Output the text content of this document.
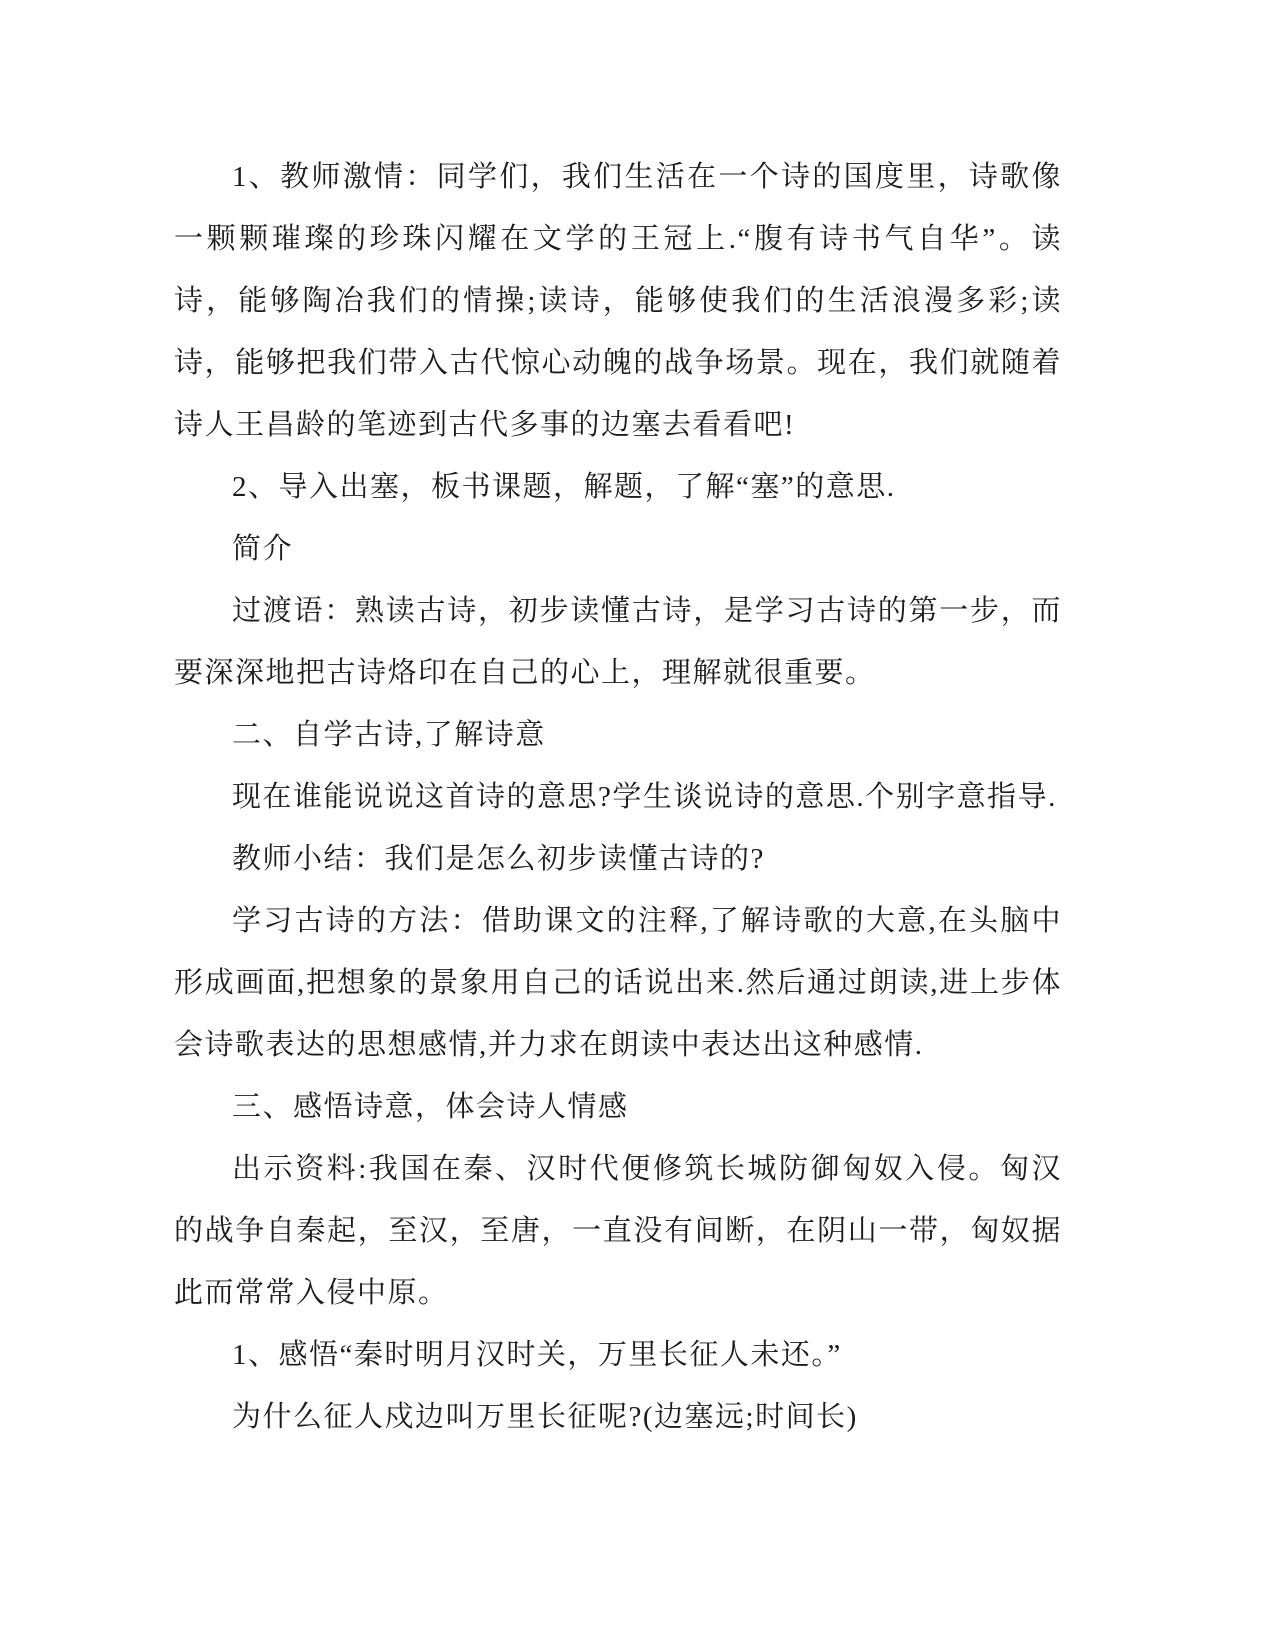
1、教师激情：同学们，我们生活在一个诗的国度里，诗歌像一颗颗璀璨的珍珠闪耀在文学的王冠上.“腹有诗书气自华”。读诗，能够陶冶我们的情操;读诗，能够使我们的生活浪漫多彩;读诗，能够把我们带入古代惊心动魄的战争场景。现在，我们就随着诗人王昌龄的笔迹到古代多事的边塞去看看吧!

2、导入出塞，板书课题，解题，了解“塞”的意思.

简介

过渡语：熟读古诗，初步读懂古诗，是学习古诗的第一步，而要深深地把古诗烙印在自己的心上，理解就很重要。

二、自学古诗,了解诗意

现在谁能说说这首诗的意思?学生谈说诗的意思.个别字意指导.

教师小结：我们是怎么初步读懂古诗的?

学习古诗的方法：借助课文的注释,了解诗歌的大意,在头脑中形成画面,把想象的景象用自己的话说出来.然后通过朗读,进上步体会诗歌表达的思想感情,并力求在朗读中表达出这种感情.

三、感悟诗意，体会诗人情感

出示资料:我国在秦、汉时代便修筑长城防御匈奴入侵。匈汉的战争自秦起，至汉，至唐，一直没有间断，在阴山一带，匈奴据此而常常入侵中原。

1、感悟“秦时明月汉时关，万里长征人未还。”

为什么征人戍边叫万里长征呢?(边塞远;时间长)
